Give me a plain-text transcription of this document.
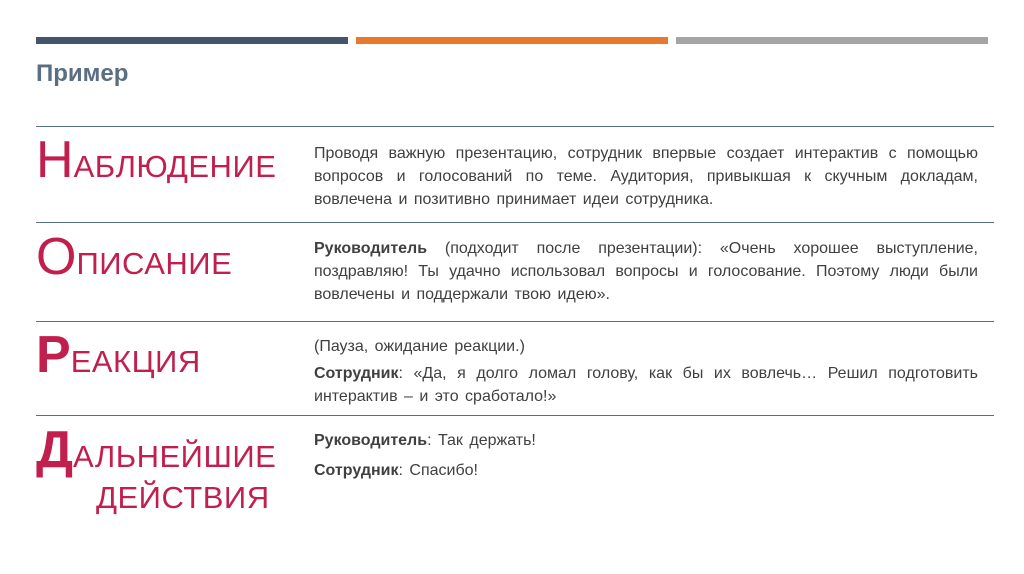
Пример
НАБЛЮДЕНИЕ Проводя важную презентацию, сотрудник впервые создает интерактив с помощью вопросов и голосований по теме. Аудитория, привыкшая к скучным докладам, вовлечена и позитивно принимает идеи сотрудника.

ОПИСАНИЕ	Руководитель (подходит после презентации): «Очень хорошее выступление, поздравляю! Ты удачно использовал вопросы и голосование. Поэтому люди были вовлечены и поддержали твою идею».

РЕАКЦИЯ	(Пауза, ожидание реакции.)

Сотрудник: «Да, я долго ломал голову, как бы их вовлечь… Решил подготовить интерактив – и это сработало!»

ДАЛЬНЕЙШИЕ
ДЕЙСТВИЯ

Руководитель: Так держать!

Сотрудник: Спасибо!
